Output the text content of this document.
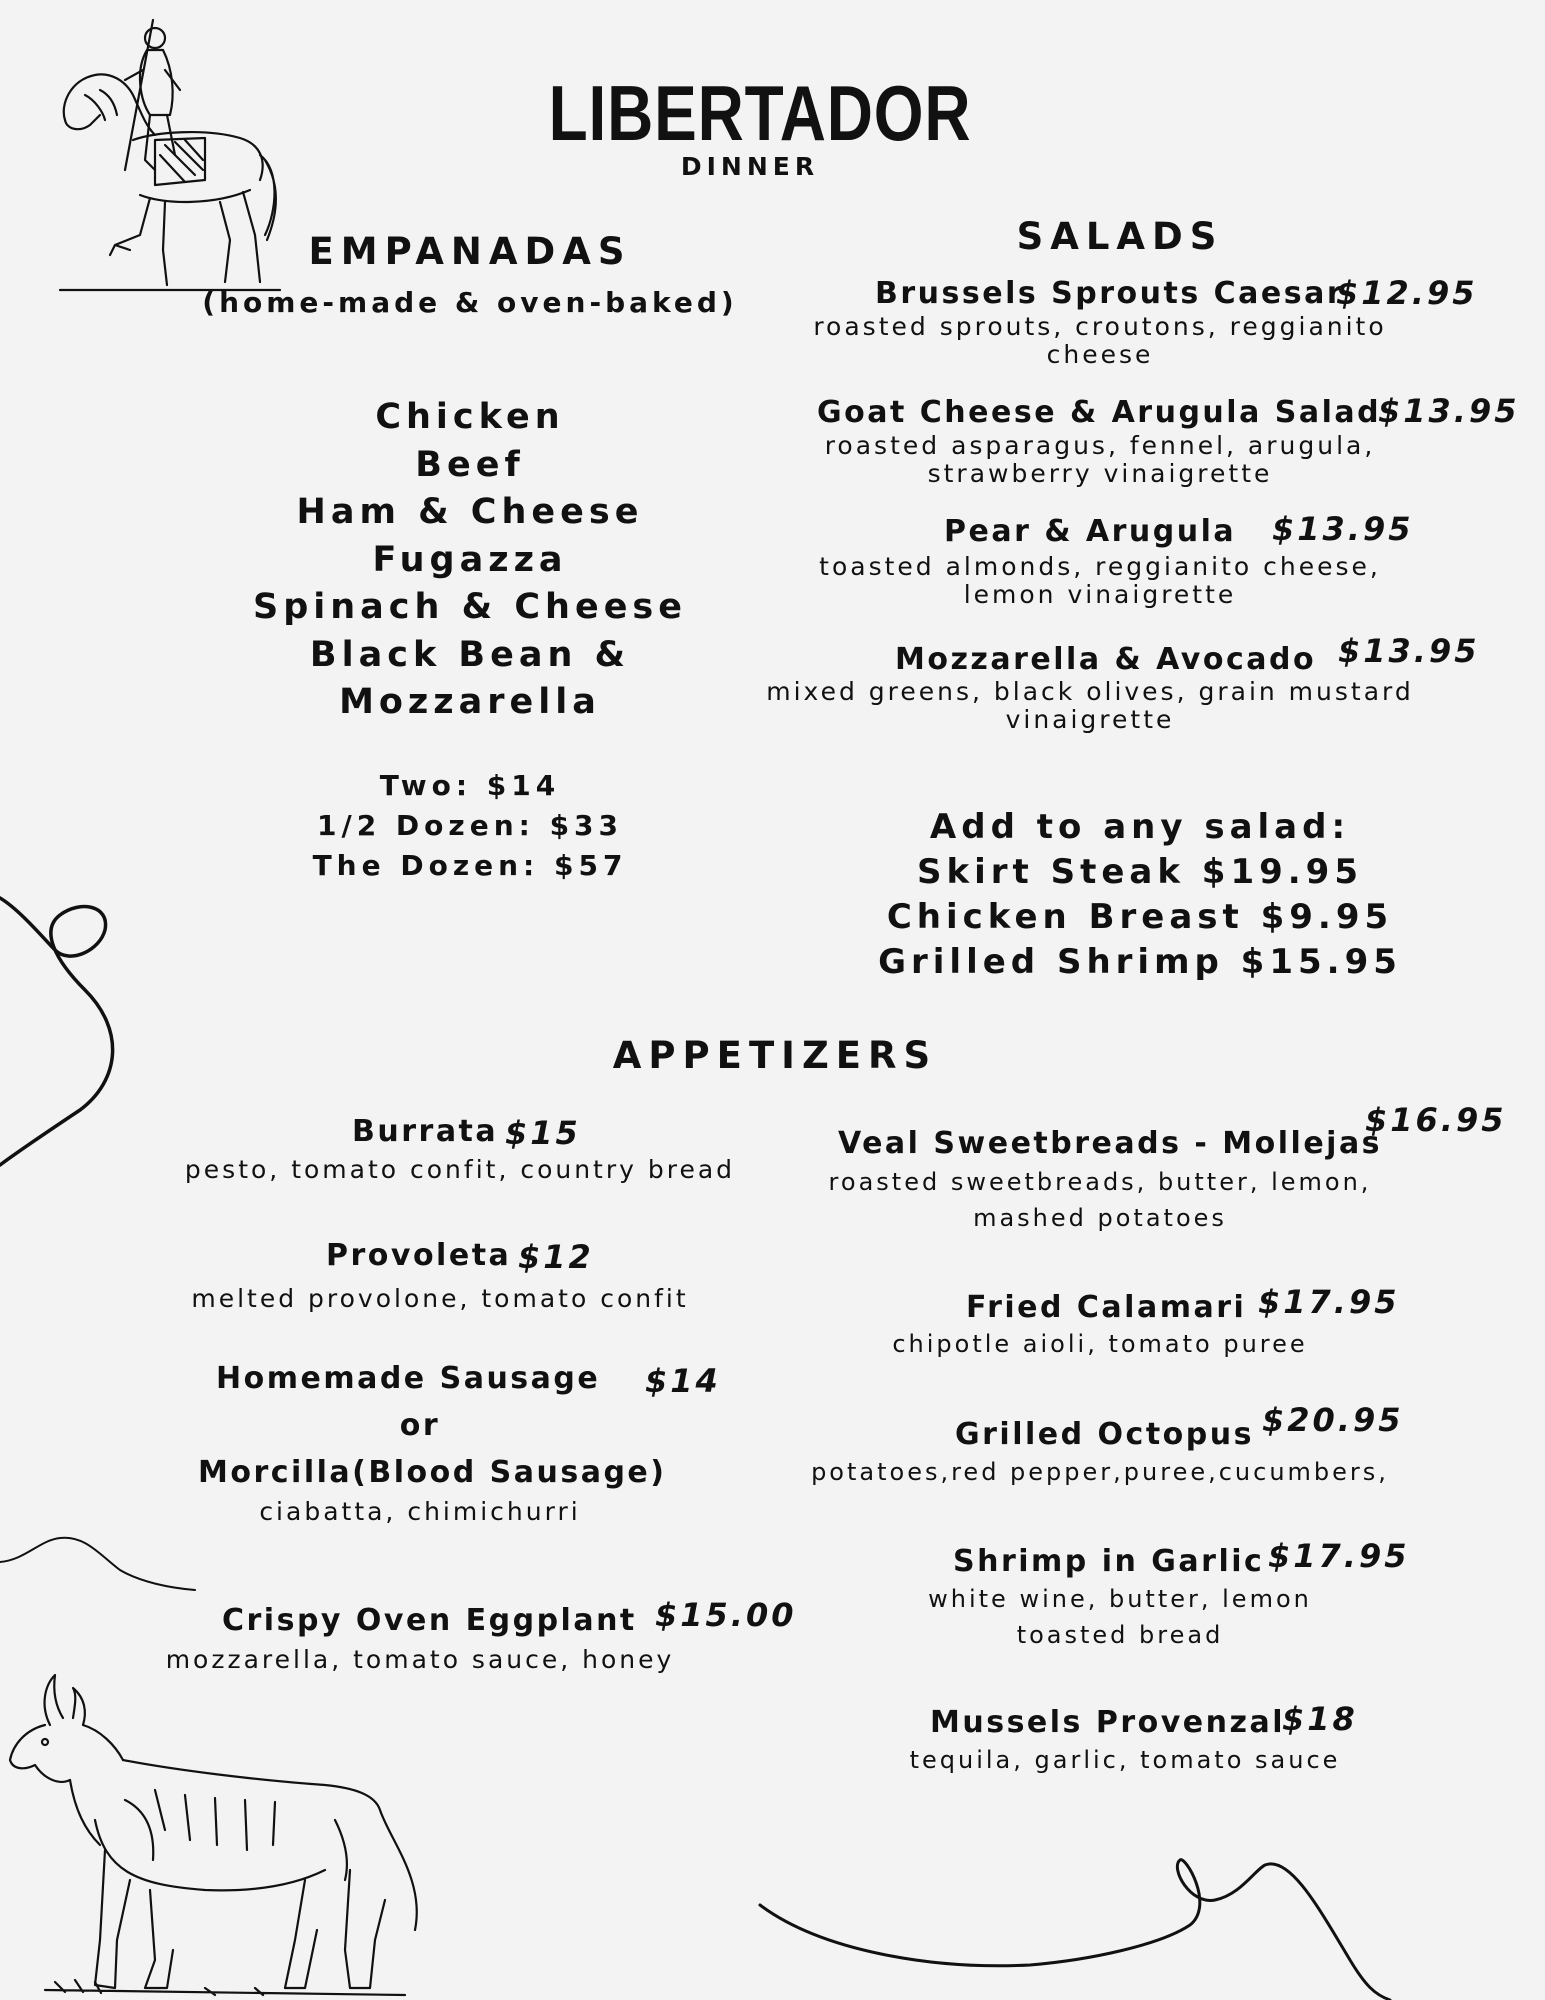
LIBERTADOR
DINNER
EMPANADAS
(home-made & oven-baked)
Chicken
Beef
Ham & Cheese
Fugazza
Spinach & Cheese
Black Bean &
Mozzarella
Two: $14
1/2 Dozen: $33
The Dozen: $57
SALADS
Brussels Sprouts Caesar
$12.95
roasted sprouts, croutons, reggianito
cheese
Goat Cheese & Arugula Salad
$13.95
roasted asparagus, fennel, arugula,
strawberry vinaigrette
Pear & Arugula $13.95
toasted almonds, reggianito cheese,
lemon vinaigrette
Mozzarella & Avocado $13.95
mixed greens, black olives, grain mustard
vinaigrette
Add to any salad:
Skirt Steak $19.95
Chicken Breast $9.95
Grilled Shrimp $15.95
APPETIZERS
Burrata $15
pesto, tomato confit, country bread
Provoleta $12
melted provolone, tomato confit
Homemade Sausage $14
or
Morcilla(Blood Sausage)
ciabatta, chimichurri
Crispy Oven Eggplant $15.00
mozzarella, tomato sauce, honey
Veal Sweetbreads - Mollejas
$16.95
roasted sweetbreads, butter, lemon,
mashed potatoes
Fried Calamari $17.95
chipotle aioli, tomato puree
Grilled Octopus $20.95
potatoes,red pepper,puree,cucumbers,
Shrimp in Garlic $17.95
white wine, butter, lemon
toasted bread
Mussels Provenzal
$18
tequila, garlic, tomato sauce
